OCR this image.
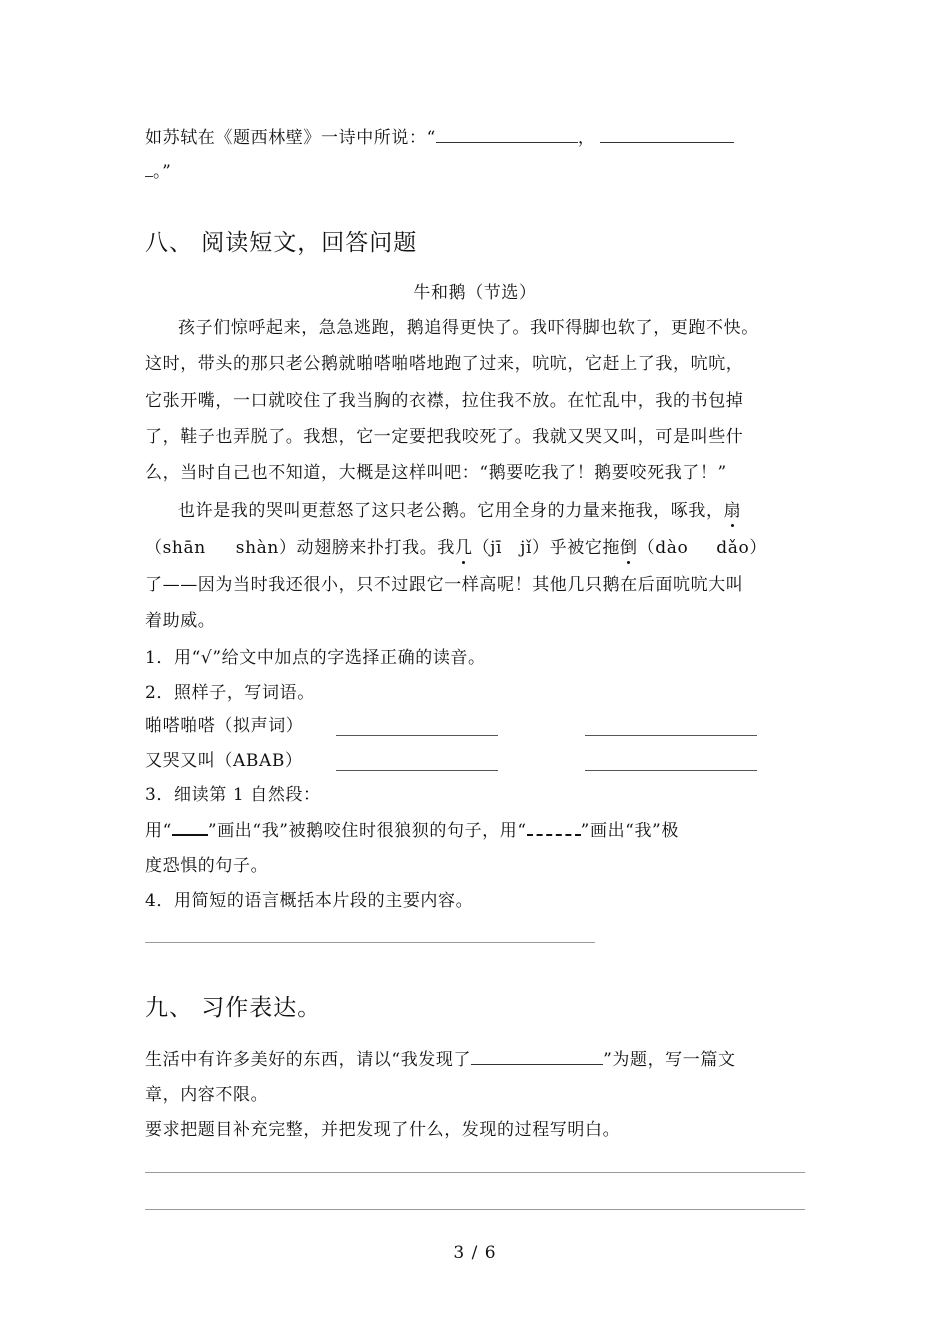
如苏轼在《题西林壁》一诗中所说：“	，
。”
八、 阅读短文，回答问题
牛和鹅（节选）
孩子们惊呼起来，急急逃跑，鹅追得更快了。我吓得脚也软了，更跑不快。
这时，带头的那只老公鹅就啪嗒啪嗒地跑了过来，吭吭，它赶上了我，吭吭，
它张开嘴，一口就咬住了我当胸的衣襟，拉住我不放。在忙乱中，我的书包掉
了，鞋子也弄脱了。我想，它一定要把我咬死了。我就又哭又叫，可是叫些什
么，当时自己也不知道，大概是这样叫吧：“鹅要吃我了！鹅要咬死我了！”
也许是我的哭叫更惹怒了这只老公鹅。它用全身的力量来拖我，啄我，扇
（shān shàn）动翅膀来扑打我。我几（jī jǐ）乎被它拖倒（dào dǎo）
了——因为当时我还很小，只不过跟它一样高呢！其他几只鹅在后面吭吭大叫
着助威。
1．用“√”给文中加点的字选择正确的读音。
2．照样子，写词语。
啪嗒啪嗒（拟声词）
又哭又叫（ABAB）
3．细读第 1 自然段：
用“ ”画出“我”被鹅咬住时很狼狈的句子，用“	”画出“我”极
度恐惧的句子。
4．用简短的语言概括本片段的主要内容。
九、 习作表达。
生活中有许多美好的东西，请以“我发现了	”为题，写一篇文
章，内容不限。
要求把题目补充完整，并把发现了什么，发现的过程写明白。
3 / 6
